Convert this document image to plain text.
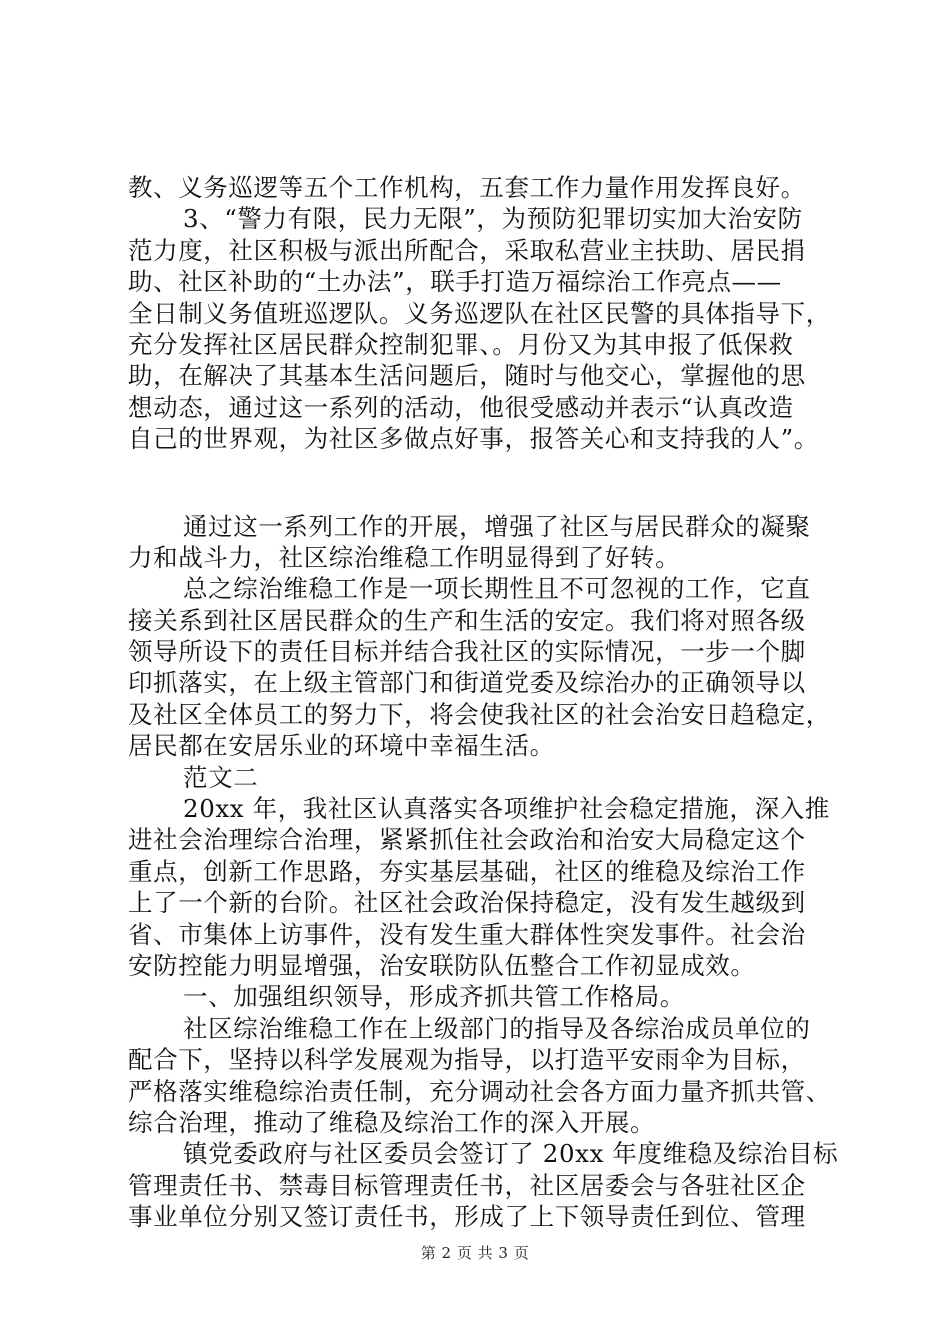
教、义务巡逻等五个工作机构，五套工作力量作用发挥良好。
3、“警力有限，民力无限”，为预防犯罪切实加大治安防
范力度，社区积极与派出所配合，采取私营业主扶助、居民捐
助、社区补助的“土办法”，联手打造万福综治工作亮点——
全日制义务值班巡逻队。义务巡逻队在社区民警的具体指导下，
充分发挥社区居民群众控制犯罪、。月份又为其申报了低保救
助，在解决了其基本生活问题后，随时与他交心，掌握他的思
想动态，通过这一系列的活动，他很受感动并表示“认真改造
自己的世界观，为社区多做点好事，报答关心和支持我的人”。
通过这一系列工作的开展，增强了社区与居民群众的凝聚
力和战斗力，社区综治维稳工作明显得到了好转。
总之综治维稳工作是一项长期性且不可忽视的工作，它直
接关系到社区居民群众的生产和生活的安定。我们将对照各级
领导所设下的责任目标并结合我社区的实际情况，一步一个脚
印抓落实，在上级主管部门和街道党委及综治办的正确领导以
及社区全体员工的努力下，将会使我社区的社会治安日趋稳定，
居民都在安居乐业的环境中幸福生活。
范文二
20xx 年，我社区认真落实各项维护社会稳定措施，深入推
进社会治理综合治理，紧紧抓住社会政治和治安大局稳定这个
重点，创新工作思路，夯实基层基础，社区的维稳及综治工作
上了一个新的台阶。社区社会政治保持稳定，没有发生越级到
省、市集体上访事件，没有发生重大群体性突发事件。社会治
安防控能力明显增强，治安联防队伍整合工作初显成效。
一、加强组织领导，形成齐抓共管工作格局。
社区综治维稳工作在上级部门的指导及各综治成员单位的
配合下，坚持以科学发展观为指导，以打造平安雨伞为目标，
严格落实维稳综治责任制，充分调动社会各方面力量齐抓共管、
综合治理，推动了维稳及综治工作的深入开展。
镇党委政府与社区委员会签订了 20xx 年度维稳及综治目标
管理责任书、禁毒目标管理责任书，社区居委会与各驻社区企
事业单位分别又签订责任书，形成了上下领导责任到位、管理
第 2 页 共 3 页
